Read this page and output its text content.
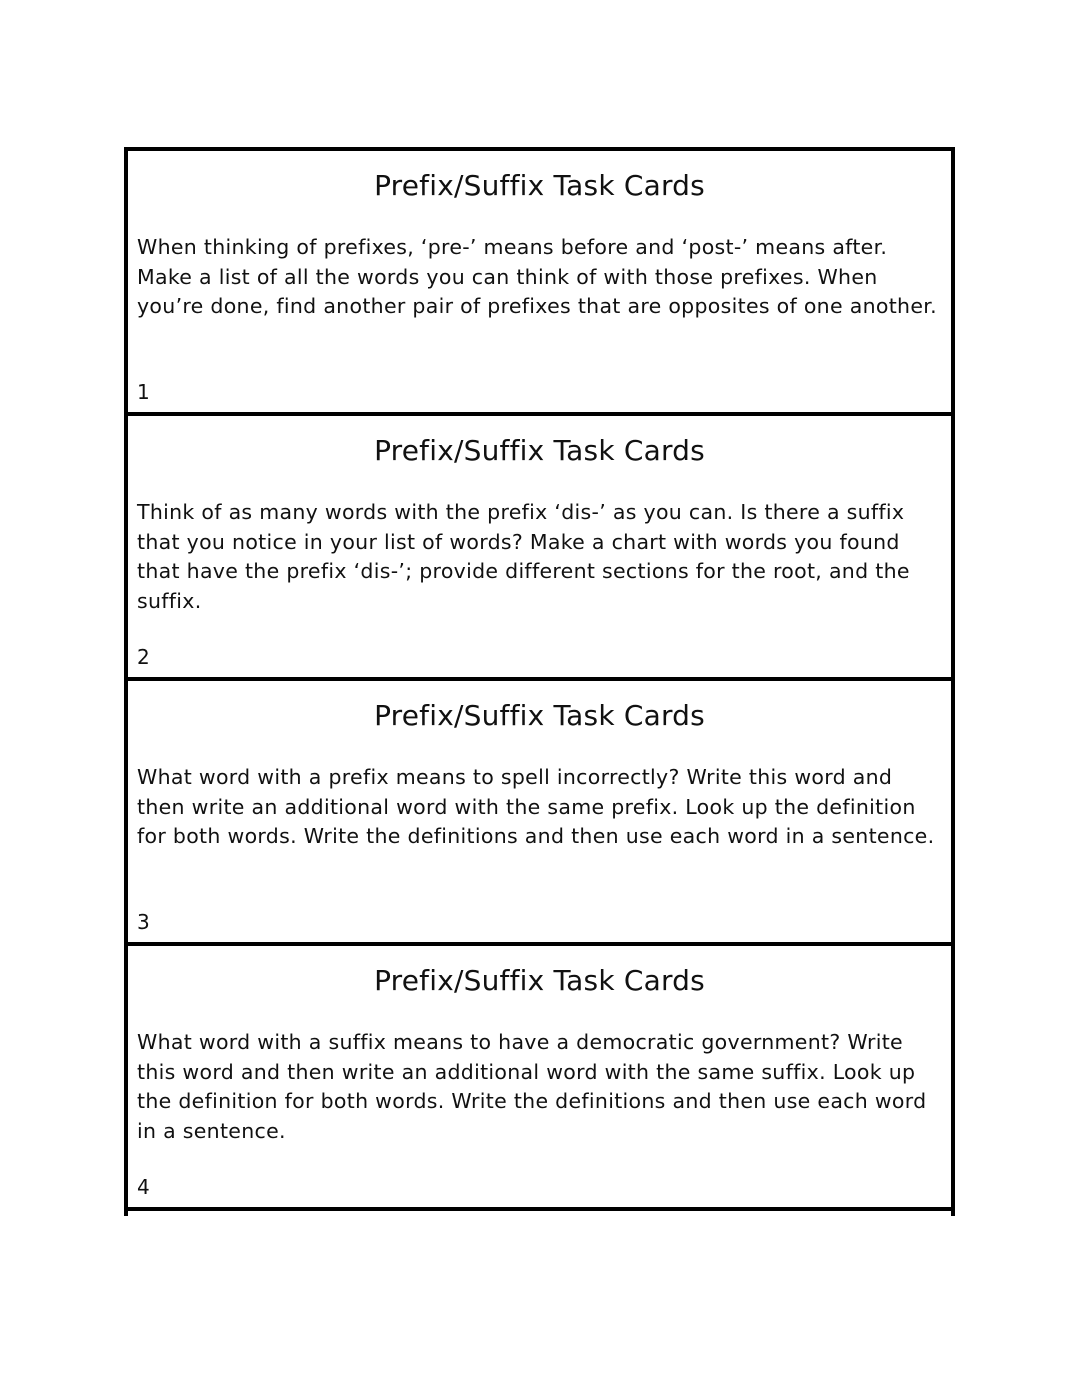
Prefix/Suffix Task Cards
When thinking of prefixes, ‘pre-’ means before and ‘post-’ means after. Make a list of all the words you can think of with those prefixes. When you’re done, find another pair of prefixes that are opposites of one another.
1
Prefix/Suffix Task Cards
Think of as many words with the prefix ‘dis-’ as you can. Is there a suffix that you notice in your list of words? Make a chart with words you found that have the prefix ‘dis-’; provide different sections for the root, and the suffix.
2
Prefix/Suffix Task Cards
What word with a prefix means to spell incorrectly? Write this word and then write an additional word with the same prefix. Look up the definition for both words. Write the definitions and then use each word in a sentence.
3
Prefix/Suffix Task Cards
What word with a suffix means to have a democratic government? Write this word and then write an additional word with the same suffix. Look up the definition for both words. Write the definitions and then use each word in a sentence.
4
